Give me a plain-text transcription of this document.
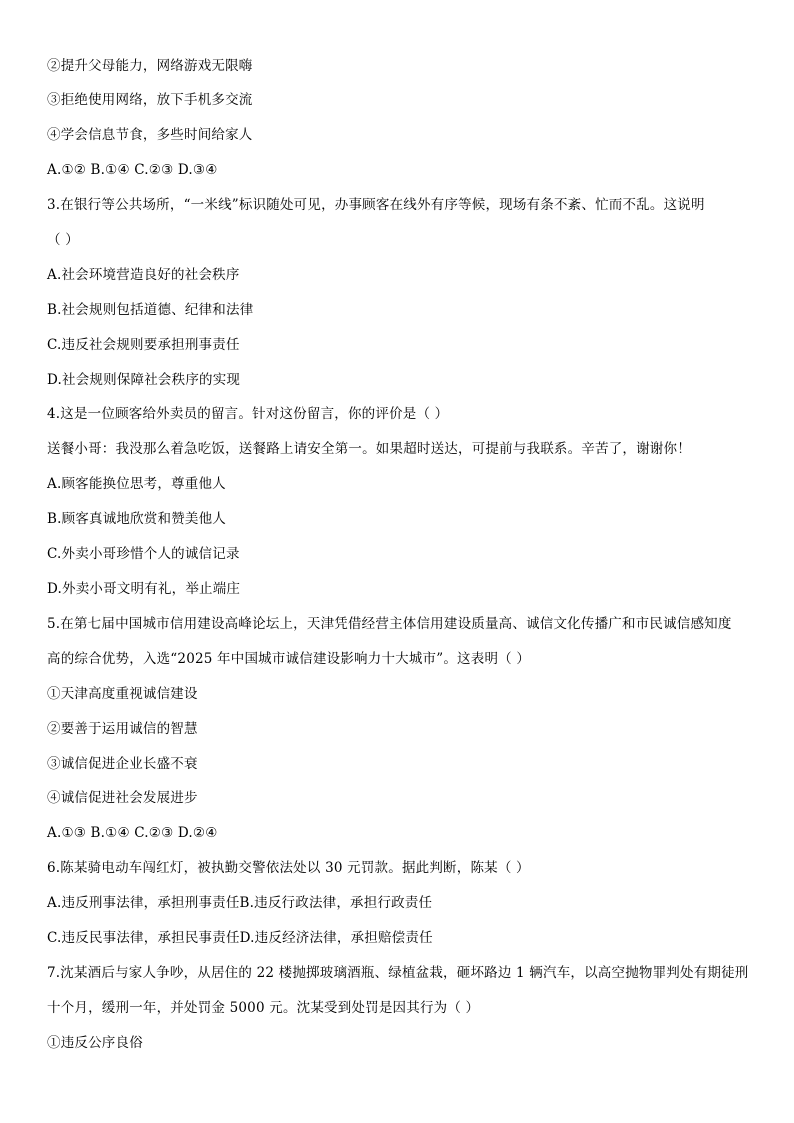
②提升父母能力，网络游戏无限嗨
③拒绝使用网络，放下手机多交流
④学会信息节食，多些时间给家人
A.①② B.①④ C.②③ D.③④
3.在银行等公共场所，“一米线”标识随处可见，办事顾客在线外有序等候，现场有条不紊、忙而不乱。这说明
（ ）
A.社会环境营造良好的社会秩序
B.社会规则包括道德、纪律和法律
C.违反社会规则要承担刑事责任
D.社会规则保障社会秩序的实现
4.这是一位顾客给外卖员的留言。针对这份留言，你的评价是（ ）
送餐小哥：我没那么着急吃饭，送餐路上请安全第一。如果超时送达，可提前与我联系。辛苦了，谢谢你！
A.顾客能换位思考，尊重他人
B.顾客真诚地欣赏和赞美他人
C.外卖小哥珍惜个人的诚信记录
D.外卖小哥文明有礼，举止端庄
5.在第七届中国城市信用建设高峰论坛上，天津凭借经营主体信用建设质量高、诚信文化传播广和市民诚信感知度
高的综合优势，入选“2025 年中国城市诚信建设影响力十大城市”。这表明（ ）
①天津高度重视诚信建设
②要善于运用诚信的智慧
③诚信促进企业长盛不衰
④诚信促进社会发展进步
A.①③ B.①④ C.②③ D.②④
6.陈某骑电动车闯红灯，被执勤交警依法处以 30 元罚款。据此判断，陈某（ ）
A.违反刑事法律，承担刑事责任B.违反行政法律，承担行政责任
C.违反民事法律，承担民事责任D.违反经济法律，承担赔偿责任
7.沈某酒后与家人争吵，从居住的 22 楼抛掷玻璃酒瓶、绿植盆栽，砸坏路边 1 辆汽车，以高空抛物罪判处有期徒刑
十个月，缓刑一年，并处罚金 5000 元。沈某受到处罚是因其行为（ ）
①违反公序良俗
